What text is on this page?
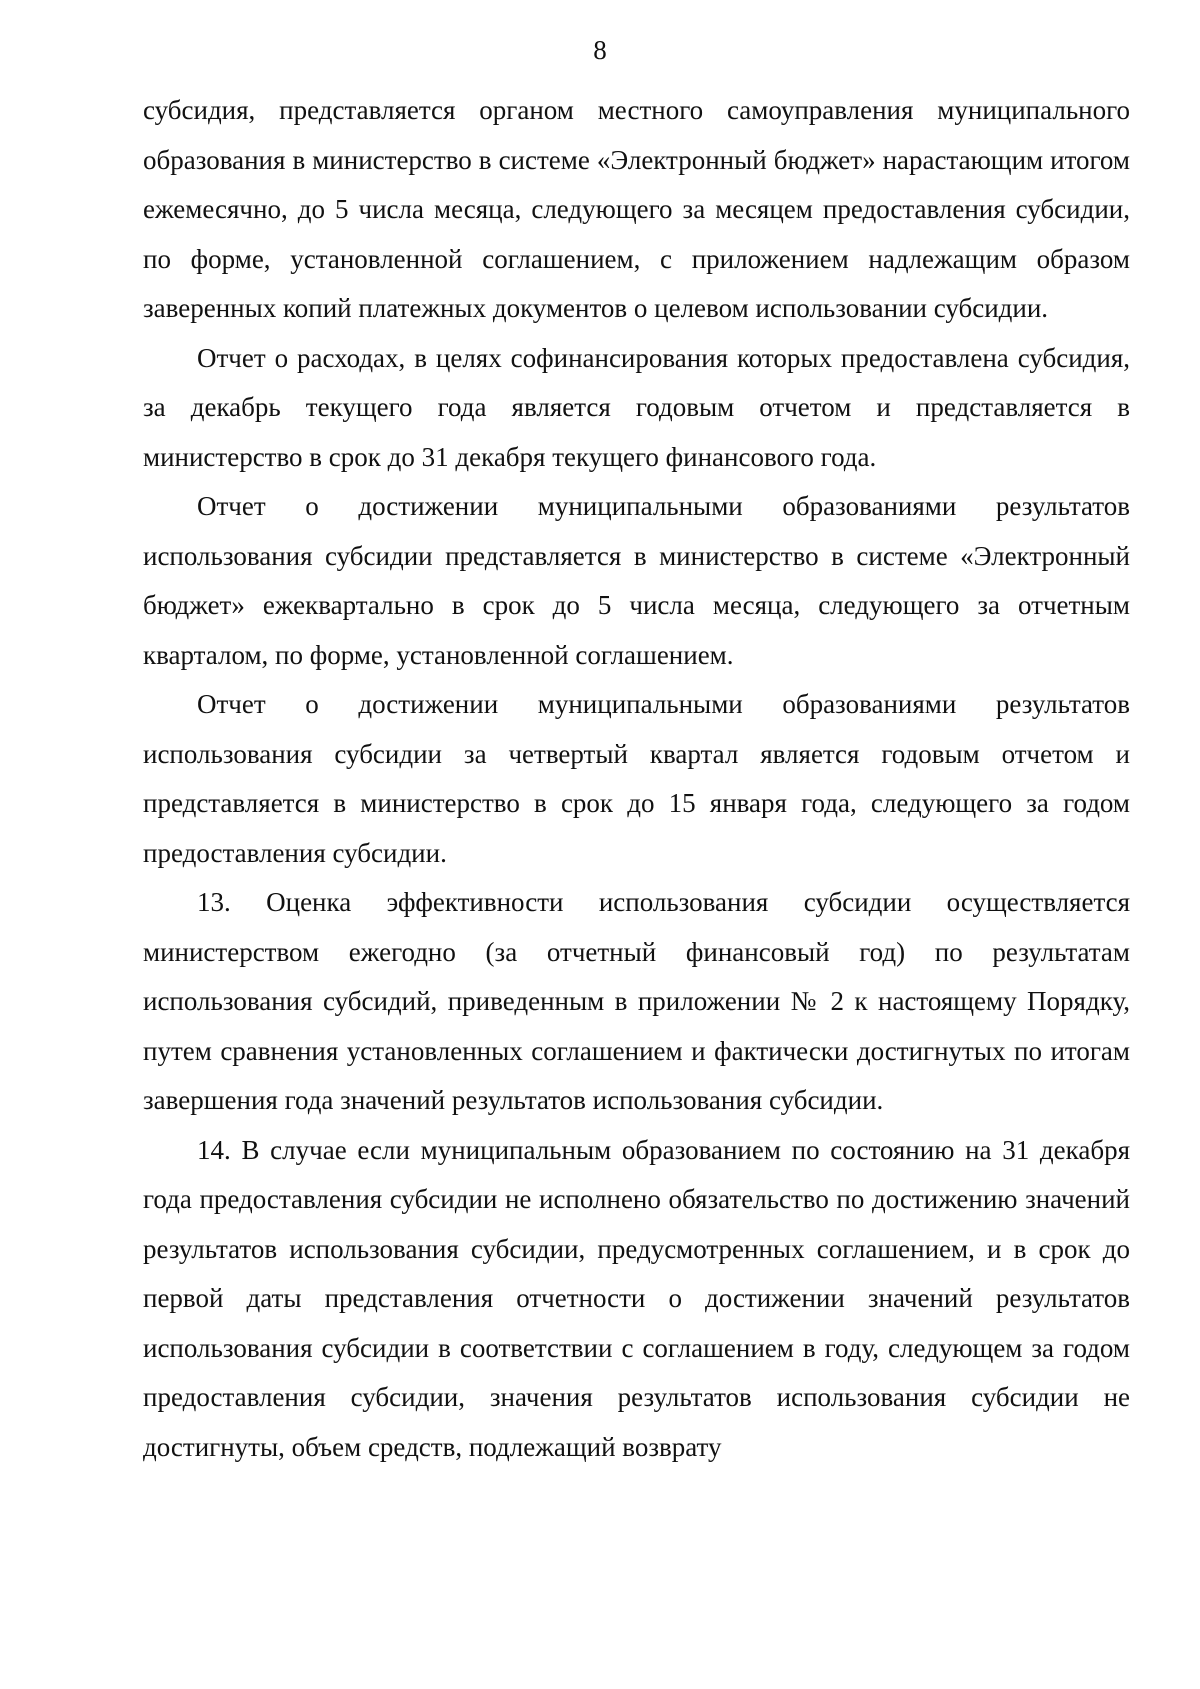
8

субсидия, представляется органом местного самоуправления муниципального образования в министерство в системе «Электронный бюджет» нарастающим итогом ежемесячно, до 5 числа месяца, следующего за месяцем предоставления субсидии, по форме, установленной соглашением, с приложением надлежащим образом заверенных копий платежных документов о целевом использовании субсидии.

Отчет о расходах, в целях софинансирования которых предоставлена субсидия, за декабрь текущего года является годовым отчетом и представляется в министерство в срок до 31 декабря текущего финансового года.

Отчет о достижении муниципальными образованиями результатов использования субсидии представляется в министерство в системе «Электронный бюджет» ежеквартально в срок до 5 числа месяца, следующего за отчетным кварталом, по форме, установленной соглашением.

Отчет о достижении муниципальными образованиями результатов использования субсидии за четвертый квартал является годовым отчетом и представляется в министерство в срок до 15 января года, следующего за годом предоставления субсидии.

13. Оценка эффективности использования субсидии осуществляется министерством ежегодно (за отчетный финансовый год) по результатам использования субсидий, приведенным в приложении № 2 к настоящему Порядку, путем сравнения установленных соглашением и фактически достигнутых по итогам завершения года значений результатов использования субсидии.

14. В случае если муниципальным образованием по состоянию на 31 декабря года предоставления субсидии не исполнено обязательство по достижению значений результатов использования субсидии, предусмотренных соглашением, и в срок до первой даты представления отчетности о достижении значений результатов использования субсидии в соответствии с соглашением в году, следующем за годом предоставления субсидии, значения результатов использования субсидии не достигнуты, объем средств, подлежащий возврату
